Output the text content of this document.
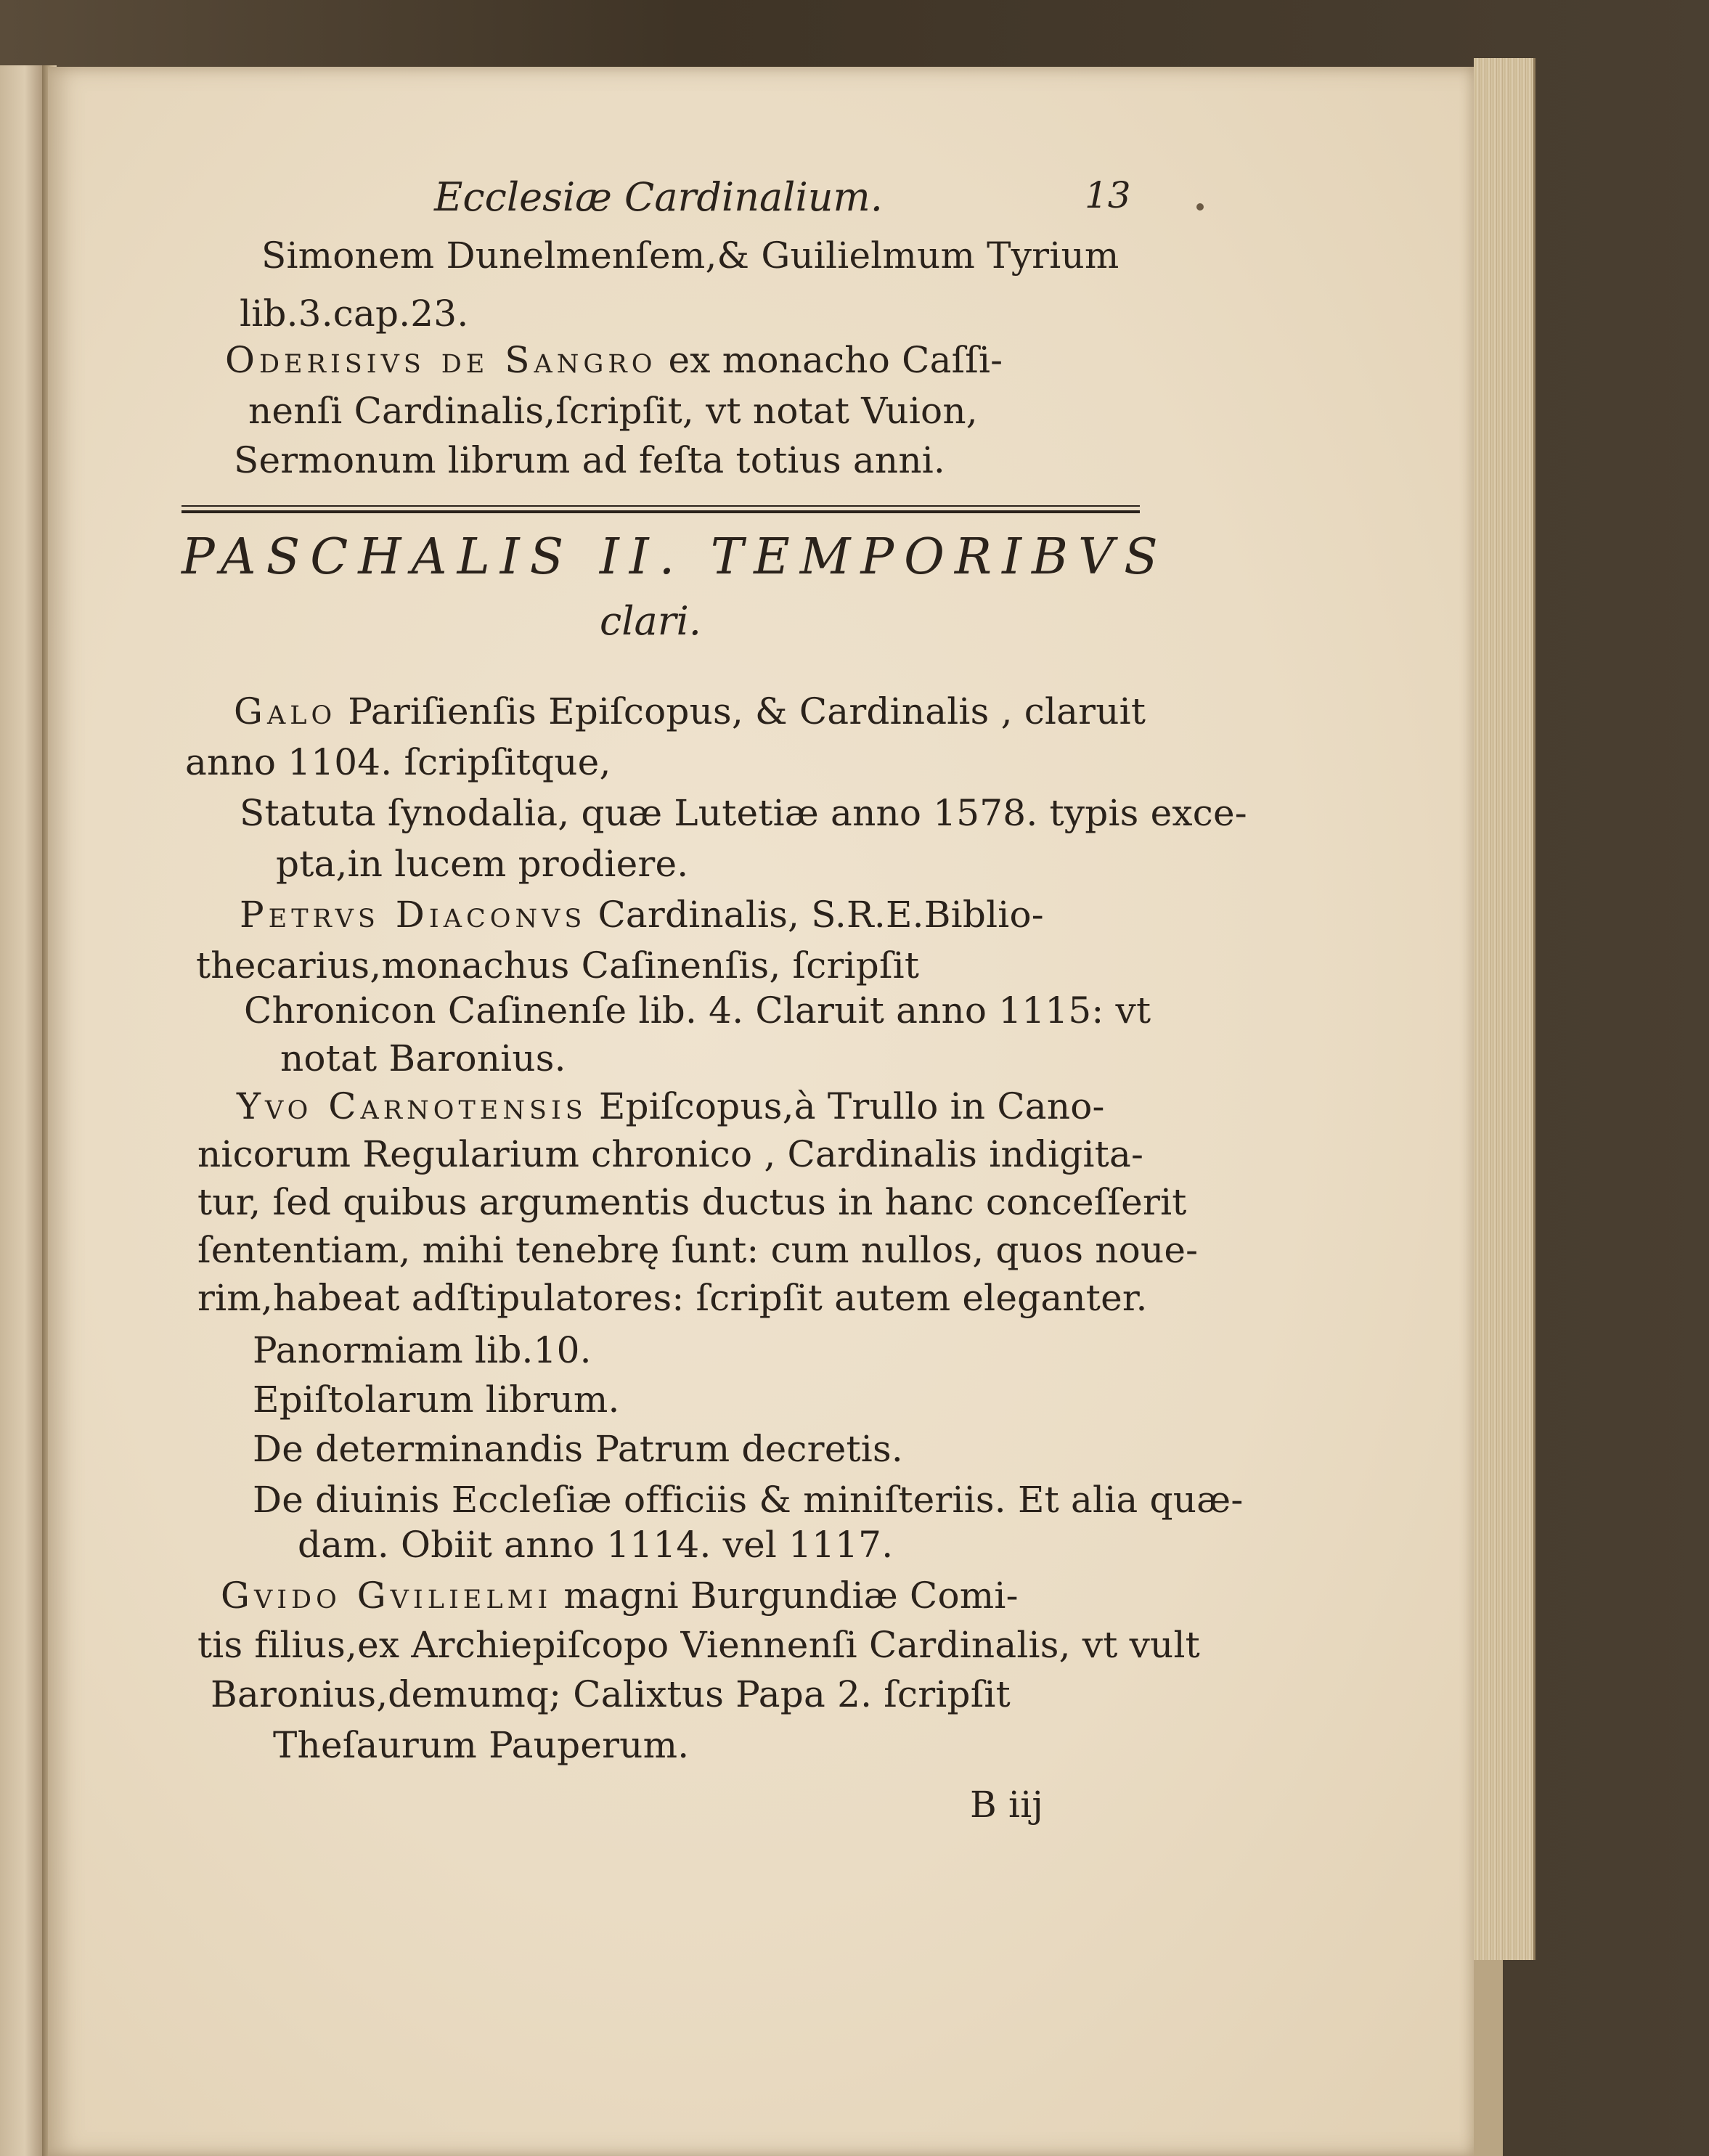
Ecclesiæ Cardinalium.	13
Simonem Dunelmenſem,& Guilielmum Tyrium
lib.3.cap.23.
Oderisivs de Sangro ex monacho Caſſi-
nenſi Cardinalis,ſcripſit, vt notat Vuion,
Sermonum librum ad feſta totius anni.
PASCHALIS II. TEMPORIBVS
clari.
Galo Pariſienſis Epiſcopus, & Cardinalis , claruit
anno 1104. ſcripſitque,
Statuta ſynodalia, quæ Lutetiæ anno 1578. typis exce-
pta,in lucem prodiere.
Petrvs Diaconvs Cardinalis, S.R.E.Biblio-
thecarius,monachus Caſinenſis, ſcripſit
Chronicon Caſinenſe lib. 4. Claruit anno 1115: vt
notat Baronius.
Yvo Carnotensis Epiſcopus,à Trullo in Cano-
nicorum Regularium chronico , Cardinalis indigita-
tur, ſed quibus argumentis ductus in hanc conceſſerit
ſententiam, mihi tenebrę ſunt: cum nullos, quos noue-
rim,habeat adſtipulatores: ſcripſit autem eleganter.
Panormiam lib.10.
Epiſtolarum librum.
De determinandis Patrum decretis.
De diuinis Eccleſiæ officiis & miniſteriis. Et alia quæ-
dam. Obiit anno 1114. vel 1117.
Gvido Gvilielmi magni Burgundiæ Comi-
tis filius,ex Archiepiſcopo Viennenſi Cardinalis, vt vult
Baronius,demumq; Calixtus Papa 2. ſcripſit
Theſaurum Pauperum.
B iij
